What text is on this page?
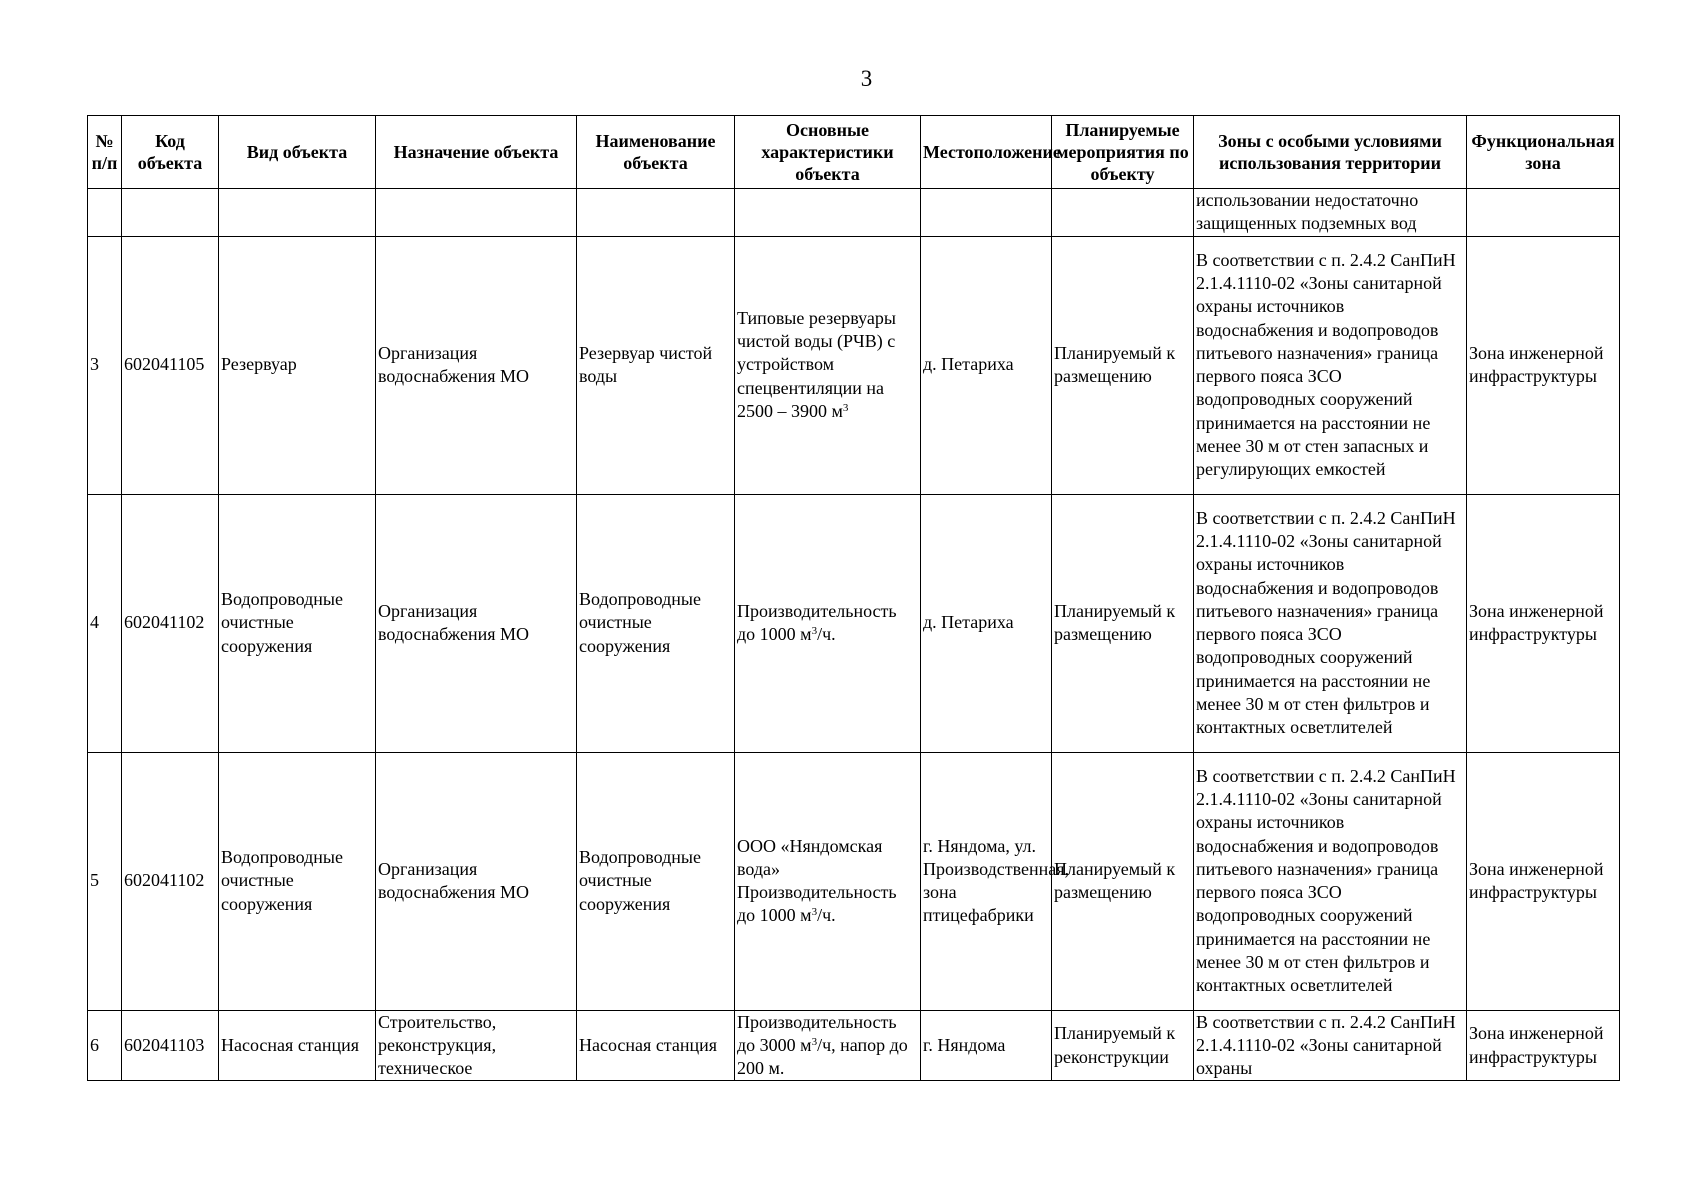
3
№ п/п	Код объекта	Вид объекта	Назначение объекта	Наименование объекта	Основные характеристики объекта	Местоположение	Планируемые мероприятия по объекту	Зоны с особыми условиями использования территории	Функциональная зона
								использовании недостаточно защищенных подземных вод	
3	602041105	Резервуар	Организация водоснабжения МО	Резервуар чистой воды	Типовые резервуары чистой воды (РЧВ) с устройством спецвентиляции на 2500 – 3900 $м^3$	д. Петариха	Планируемый к размещению	В соответствии с п. 2.4.2 СанПиН 2.1.4.1110-02 «Зоны санитарной охраны источников водоснабжения и водопроводов питьевого назначения» граница первого пояса ЗСО водопроводных сооружений принимается на расстоянии не менее 30 м от стен запасных и регулирующих емкостей	Зона инженерной инфраструктуры
4	602041102	Водопроводные очистные сооружения	Организация водоснабжения МО	Водопроводные очистные сооружения	Производительность до 1000 $м^3/ч$.	д. Петариха	Планируемый к размещению	В соответствии с п. 2.4.2 СанПиН 2.1.4.1110-02 «Зоны санитарной охраны источников водоснабжения и водопроводов питьевого назначения» граница первого пояса ЗСО водопроводных сооружений принимается на расстоянии не менее 30 м от стен фильтров и контактных осветлителей	Зона инженерной инфраструктуры
5	602041102	Водопроводные очистные сооружения	Организация водоснабжения МО	Водопроводные очистные сооружения	ООО «Няндомская вода» Производительность до 1000 $м^3/ч$.	г. Няндома, ул. Производственная, зона птицефабрики	Планируемый к размещению	В соответствии с п. 2.4.2 СанПиН 2.1.4.1110-02 «Зоны санитарной охраны источников водоснабжения и водопроводов питьевого назначения» граница первого пояса ЗСО водопроводных сооружений принимается на расстоянии не менее 30 м от стен фильтров и контактных осветлителей	Зона инженерной инфраструктуры
6	602041103	Насосная станция	Строительство, реконструкция, техническое	Насосная станция	Производительность до 3000 $м^3/ч$, напор до 200 м.	г. Няндома	Планируемый к реконструкции	В соответствии с п. 2.4.2 СанПиН 2.1.4.1110-02 «Зоны санитарной охраны	Зона инженерной инфраструктуры
